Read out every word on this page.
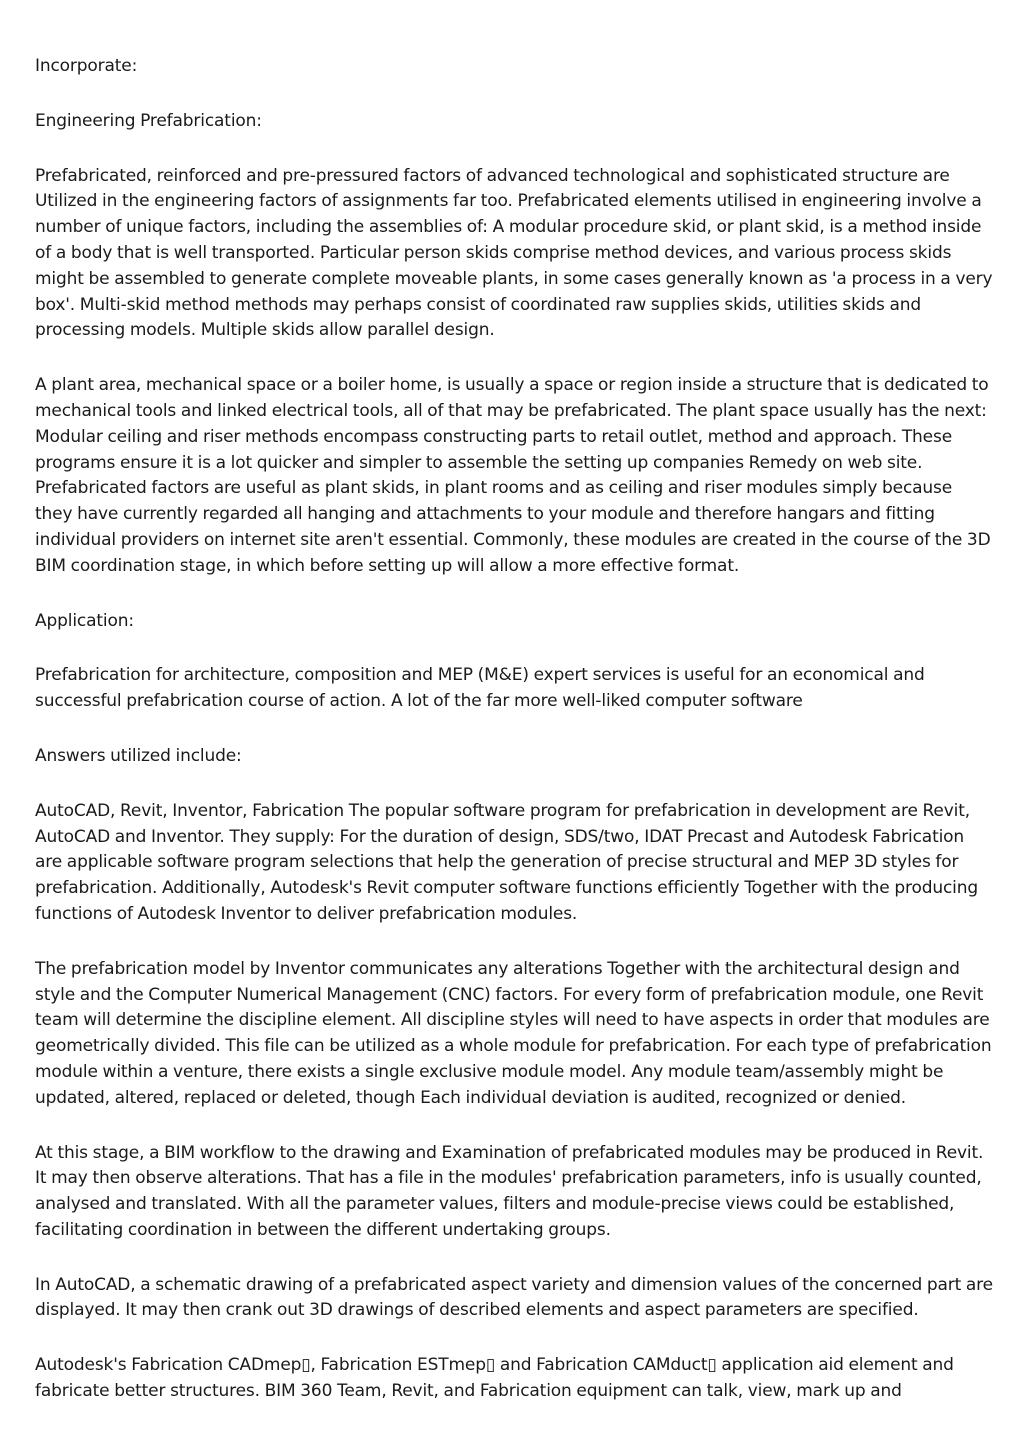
Incorporate:

Engineering Prefabrication:

Prefabricated, reinforced and pre-pressured factors of advanced technological and sophisticated structure are Utilized in the engineering factors of assignments far too. Prefabricated elements utilised in engineering involve a number of unique factors, including the assemblies of: A modular procedure skid, or plant skid, is a method inside of a body that is well transported. Particular person skids comprise method devices, and various process skids might be assembled to generate complete moveable plants, in some cases generally known as 'a process in a very box'. Multi-skid method methods may perhaps consist of coordinated raw supplies skids, utilities skids and processing models. Multiple skids allow parallel design.

A plant area, mechanical space or a boiler home, is usually a space or region inside a structure that is dedicated to mechanical tools and linked electrical tools, all of that may be prefabricated. The plant space usually has the next: Modular ceiling and riser methods encompass constructing parts to retail outlet, method and approach. These programs ensure it is a lot quicker and simpler to assemble the setting up companies Remedy on web site. Prefabricated factors are useful as plant skids, in plant rooms and as ceiling and riser modules simply because they have currently regarded all hanging and attachments to your module and therefore hangars and fitting individual providers on internet site aren't essential. Commonly, these modules are created in the course of the 3D BIM coordination stage, in which before setting up will allow a more effective format.

Application:

Prefabrication for architecture, composition and MEP (M&E) expert services is useful for an economical and successful prefabrication course of action. A lot of the far more well-liked computer software

Answers utilized include:

AutoCAD, Revit, Inventor, Fabrication The popular software program for prefabrication in development are Revit, AutoCAD and Inventor. They supply: For the duration of design, SDS/two, IDAT Precast and Autodesk Fabrication are applicable software program selections that help the generation of precise structural and MEP 3D styles for prefabrication. Additionally, Autodesk's Revit computer software functions efficiently Together with the producing functions of Autodesk Inventor to deliver prefabrication modules.

The prefabrication model by Inventor communicates any alterations Together with the architectural design and style and the Computer Numerical Management (CNC) factors. For every form of prefabrication module, one Revit team will determine the discipline element. All discipline styles will need to have aspects in order that modules are geometrically divided. This file can be utilized as a whole module for prefabrication. For each type of prefabrication module within a venture, there exists a single exclusive module model. Any module team/assembly might be updated, altered, replaced or deleted, though Each individual deviation is audited, recognized or denied.

At this stage, a BIM workflow to the drawing and Examination of prefabricated modules may be produced in Revit. It may then observe alterations. That has a file in the modules' prefabrication parameters, info is usually counted, analysed and translated. With all the parameter values, filters and module-precise views could be established, facilitating coordination in between the different undertaking groups.

In AutoCAD, a schematic drawing of a prefabricated aspect variety and dimension values of the concerned part are displayed. It may then crank out 3D drawings of described elements and aspect parameters are specified.

Autodesk's Fabrication CADmep▯, Fabrication ESTmep▯ and Fabrication CAMduct▯ application aid element and fabricate better structures. BIM 360 Team, Revit, and Fabrication equipment can talk, view, mark up and
